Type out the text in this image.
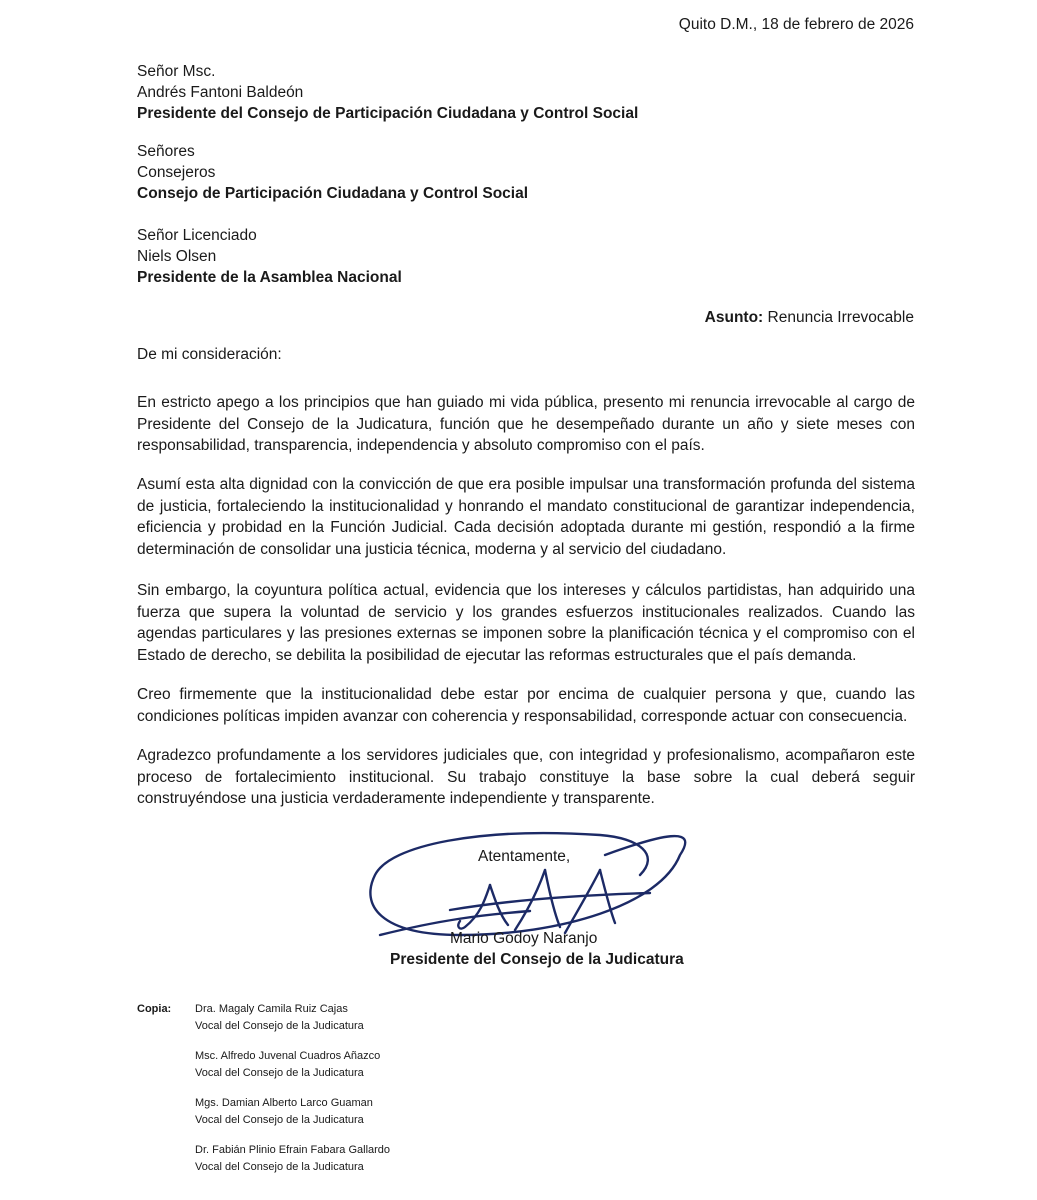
Quito D.M., 18 de febrero de 2026
Señor Msc.
Andrés Fantoni Baldeón
Presidente del Consejo de Participación Ciudadana y Control Social
Señores
Consejeros
Consejo de Participación Ciudadana y Control Social
Señor Licenciado
Niels Olsen
Presidente de la Asamblea Nacional
Asunto: Renuncia Irrevocable
De mi consideración:
En estricto apego a los principios que han guiado mi vida pública, presento mi renuncia irrevocable al cargo de Presidente del Consejo de la Judicatura, función que he desempeñado durante un año y siete meses con responsabilidad, transparencia, independencia y absoluto compromiso con el país.
Asumí esta alta dignidad con la convicción de que era posible impulsar una transformación profunda del sistema de justicia, fortaleciendo la institucionalidad y honrando el mandato constitucional de garantizar independencia, eficiencia y probidad en la Función Judicial. Cada decisión adoptada durante mi gestión, respondió a la firme determinación de consolidar una justicia técnica, moderna y al servicio del ciudadano.
Sin embargo, la coyuntura política actual, evidencia que los intereses y cálculos partidistas, han adquirido una fuerza que supera la voluntad de servicio y los grandes esfuerzos institucionales realizados. Cuando las agendas particulares y las presiones externas se imponen sobre la planificación técnica y el compromiso con el Estado de derecho, se debilita la posibilidad de ejecutar las reformas estructurales que el país demanda.
Creo firmemente que la institucionalidad debe estar por encima de cualquier persona y que, cuando las condiciones políticas impiden avanzar con coherencia y responsabilidad, corresponde actuar con consecuencia.
Agradezco profundamente a los servidores judiciales que, con integridad y profesionalismo, acompañaron este proceso de fortalecimiento institucional. Su trabajo constituye la base sobre la cual deberá seguir construyéndose una justicia verdaderamente independiente y transparente.
Atentamente,
Mario Godoy Naranjo
Presidente del Consejo de la Judicatura
Copia: Dra. Magaly Camila Ruiz Cajas
Vocal del Consejo de la Judicatura
Msc. Alfredo Juvenal Cuadros Añazco
Vocal del Consejo de la Judicatura
Mgs. Damian Alberto Larco Guaman
Vocal del Consejo de la Judicatura
Dr. Fabián Plinio Efrain Fabara Gallardo
Vocal del Consejo de la Judicatura
